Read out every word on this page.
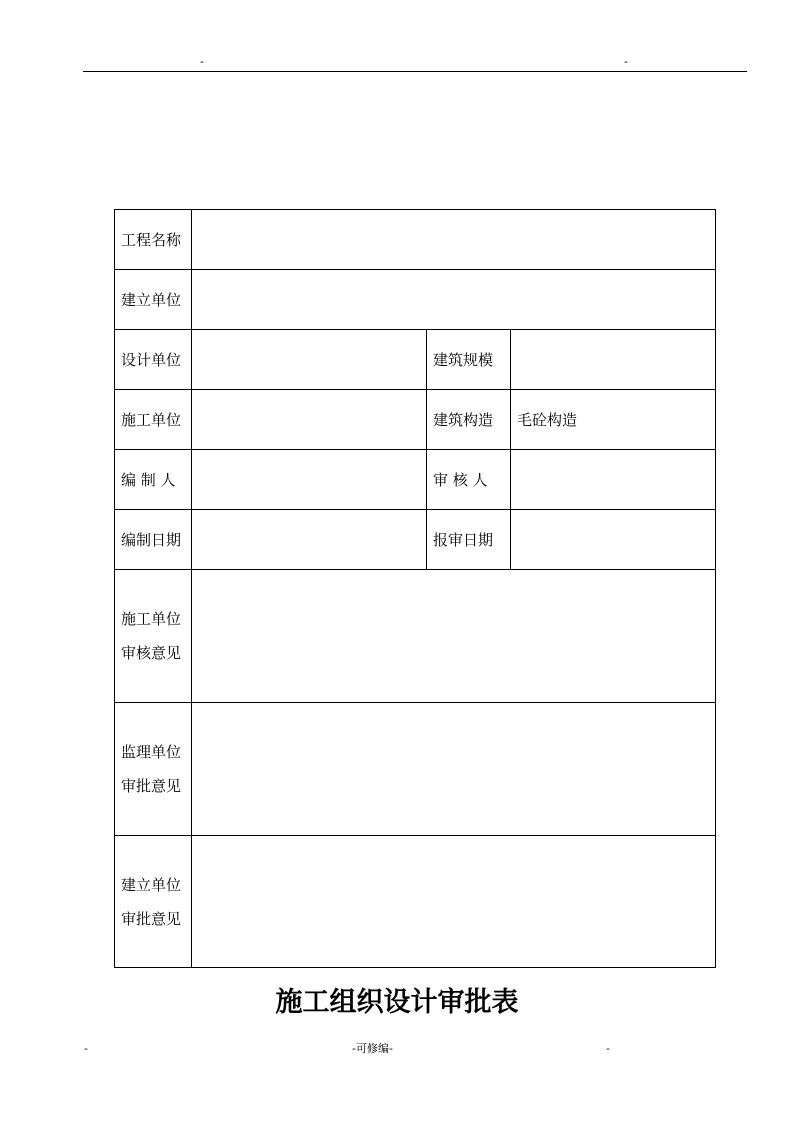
-	-
工程名称			
建立单位			
设计单位		建筑规模	
施工单位		建筑构造	毛砼构造
编 制 人		审 核 人	
编制日期		报审日期	

施工单位
审核意见			

监理单位
审批意见			

建立单位
审批意见			

施工组织设计审批表
-	-可修编-	-
